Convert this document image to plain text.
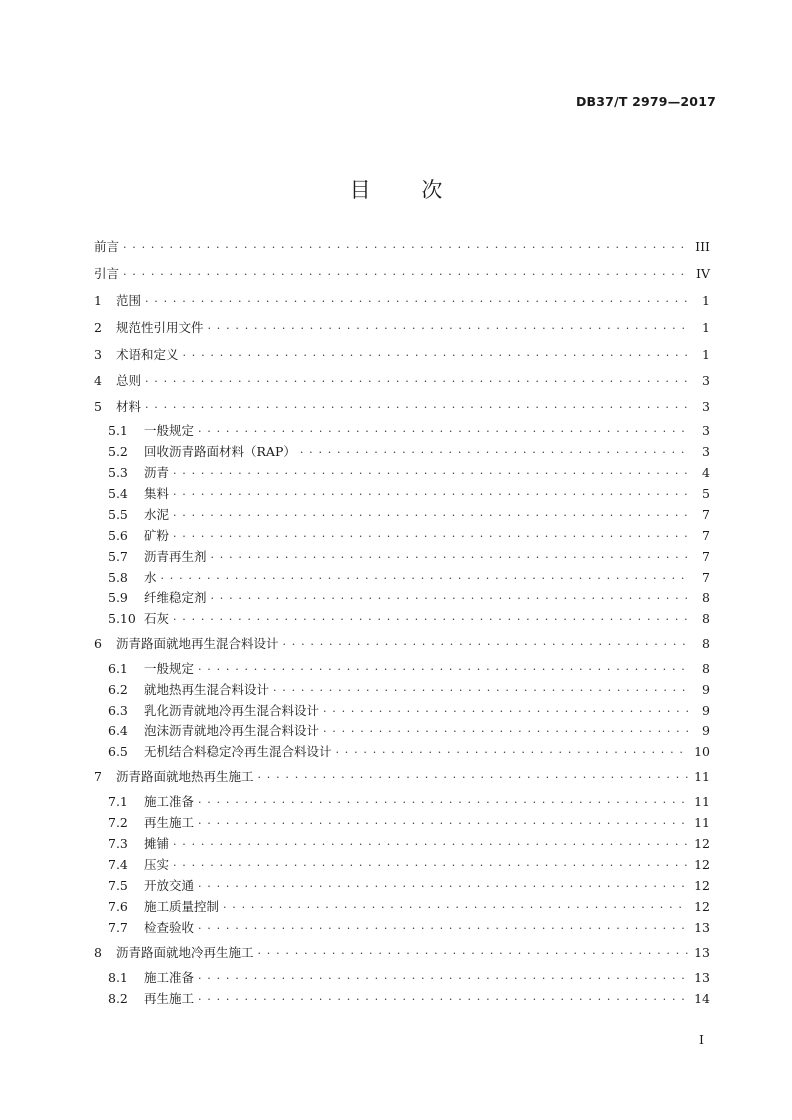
DB37/T 2979—2017
目 次
前言 . . .	III
引言 . . .	IV
1	范围 . . .	1
2	规范性引用文件 . . .	1
3	术语和定义 . . .	1
4	总则 . . .	3
5	材料 . . .	3
5.1	一般规定 . . .	3
5.2	回收沥青路面材料（RAP） . . .	3
5.3	沥青 . . .	4
5.4	集料 . . .	5
5.5	水泥 . . .	7
5.6	矿粉 . . .	7
5.7	沥青再生剂 . . .	7
5.8	水 . . .	7
5.9	纤维稳定剂 . . .	8
5.10 石灰 . . .	8
6	沥青路面就地再生混合料设计 . . .	8
6.1	一般规定 . . .	8
6.2	就地热再生混合料设计 . . .	9
6.3	乳化沥青就地冷再生混合料设计 . . .	9
6.4	泡沫沥青就地冷再生混合料设计 . . .	9
6.5	无机结合料稳定冷再生混合料设计 . . .	10
7	沥青路面就地热再生施工 . . .	11
7.1	施工准备 . . .	11
7.2	再生施工 . . .	11
7.3	摊铺 . . .	12
7.4	压实 . . .	12
7.5	开放交通 . . .	12
7.6	施工质量控制 . . .	12
7.7	检查验收 . . .	13
8	沥青路面就地冷再生施工 . . .	13
8.1	施工准备 . . .	13
8.2	再生施工 . . .	14
I
